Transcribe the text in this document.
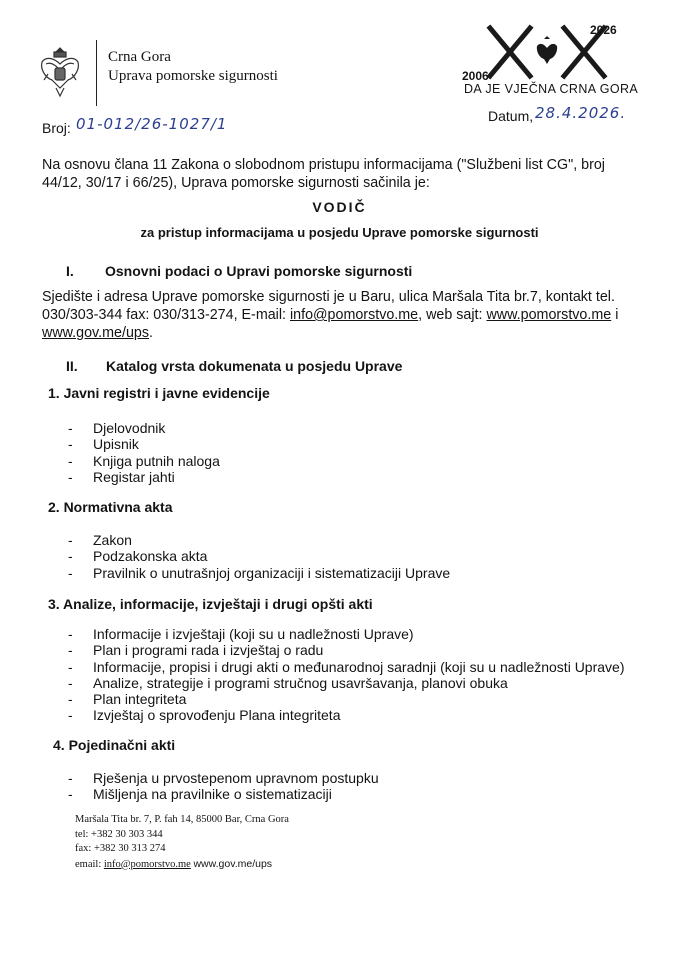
Crna Gora
Uprava pomorske sigurnosti	2006
2026
DA JE VJEČNA CRNA GORA
Broj: 01-012/26-1027/1	Datum, 28.4.2026.
Na osnovu člana 11 Zakona o slobodnom pristupu informacijama ("Službeni list CG", broj 44/12, 30/17 i 66/25), Uprava pomorske sigurnosti sačinila je:
VODIČ
za pristup informacijama u posjedu Uprave pomorske sigurnosti
I. Osnovni podaci o Upravi pomorske sigurnosti
Sjedište i adresa Uprave pomorske sigurnosti je u Baru, ulica Maršala Tita br.7, kontakt tel. 030/303-344 fax: 030/313-274, E-mail: info@pomorstvo.me, web sajt: www.pomorstvo.me i www.gov.me/ups.
II. Katalog vrsta dokumenata u posjedu Uprave
1. Javni registri i javne evidencije
- Djelovodnik
- Upisnik
- Knjiga putnih naloga
- Registar jahti
2. Normativna akta
- Zakon
- Podzakonska akta
- Pravilnik o unutrašnjoj organizaciji i sistematizaciji Uprave
3. Analize, informacije, izvještaji i drugi opšti akti
- Informacije i izvještaji (koji su u nadležnosti Uprave)
- Plan i programi rada i izvještaj o radu
- Informacije, propisi i drugi akti o međunarodnoj saradnji (koji su u nadležnosti Uprave)
- Analize, strategije i programi stručnog usavršavanja, planovi obuka
- Plan integriteta
- Izvještaj o sprovođenju Plana integriteta
4. Pojedinačni akti
- Rješenja u prvostepenom upravnom postupku
- Mišljenja na pravilnike o sistematizaciji
Maršala Tita br. 7, P. fah 14, 85000 Bar, Crna Gora
tel: +382 30 303 344
fax: +382 30 313 274
email: info@pomorstvo.me www.gov.me/ups
